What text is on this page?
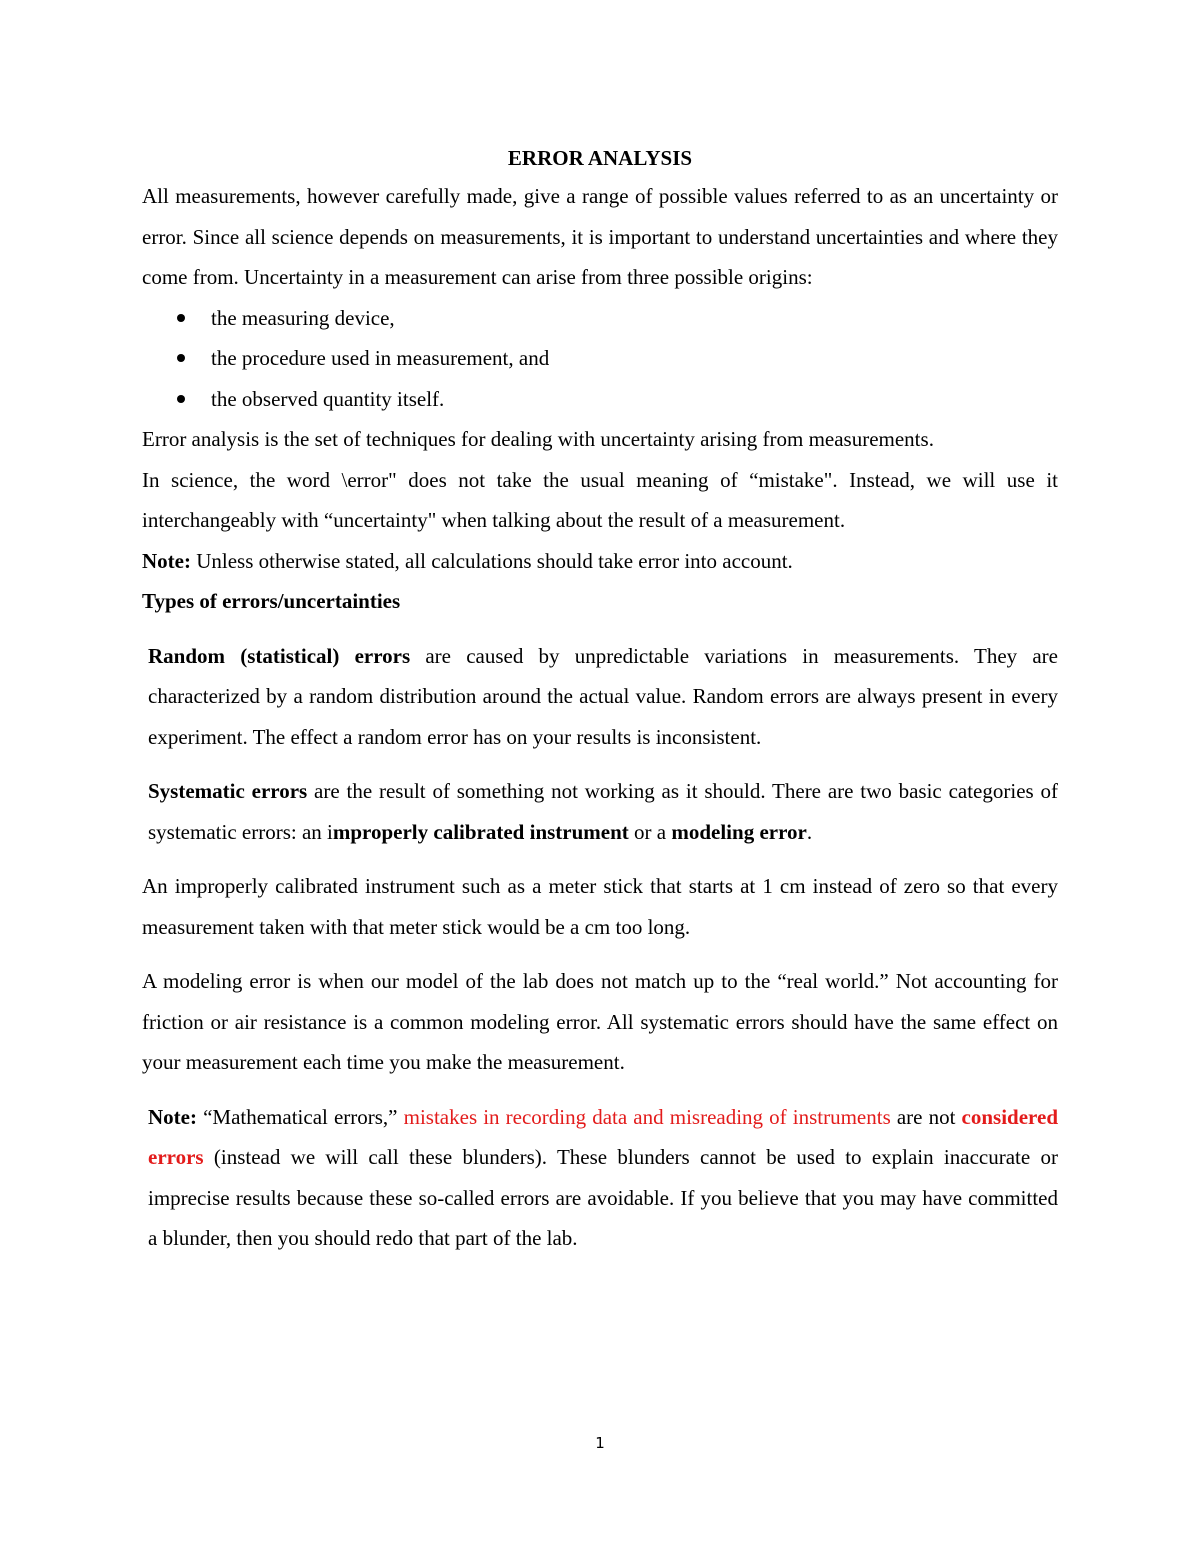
ERROR ANALYSIS

All measurements, however carefully made, give a range of possible values referred to as an uncertainty or error. Since all science depends on measurements, it is important to understand uncertainties and where they come from. Uncertainty in a measurement can arise from three possible origins:

the measuring device,
the procedure used in measurement, and
the observed quantity itself.

Error analysis is the set of techniques for dealing with uncertainty arising from measurements.

In science, the word \error" does not take the usual meaning of “mistake". Instead, we will use it interchangeably with “uncertainty" when talking about the result of a measurement.

Note: Unless otherwise stated, all calculations should take error into account.

Types of errors/uncertainties

Random (statistical) errors are caused by unpredictable variations in measurements. They are characterized by a random distribution around the actual value. Random errors are always present in every experiment. The effect a random error has on your results is inconsistent.

Systematic errors are the result of something not working as it should. There are two basic categories of systematic errors: an improperly calibrated instrument or a modeling error.

An improperly calibrated instrument such as a meter stick that starts at 1 cm instead of zero so that every measurement taken with that meter stick would be a cm too long.

A modeling error is when our model of the lab does not match up to the “real world.” Not accounting for friction or air resistance is a common modeling error. All systematic errors should have the same effect on your measurement each time you make the measurement.

Note: “Mathematical errors,” mistakes in recording data and misreading of instruments are not considered errors (instead we will call these blunders). These blunders cannot be used to explain inaccurate or imprecise results because these so-called errors are avoidable. If you believe that you may have committed a blunder, then you should redo that part of the lab.

1
